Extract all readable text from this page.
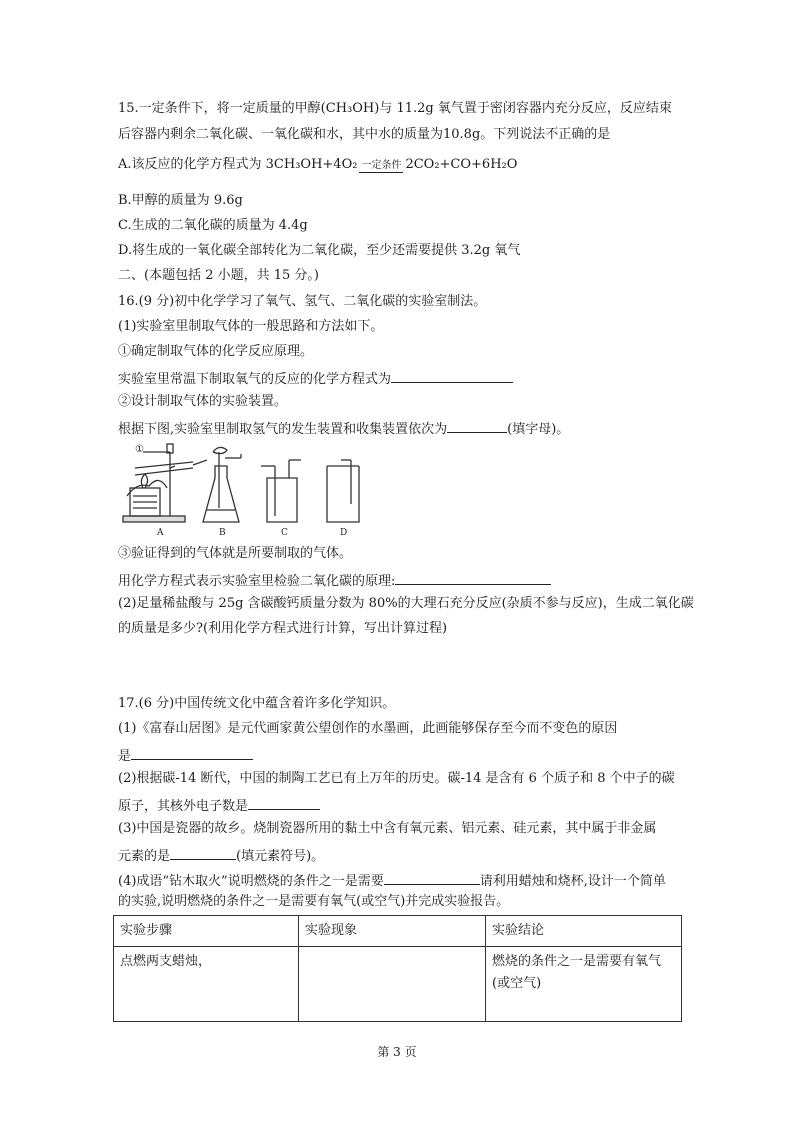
15.一定条件下，将一定质量的甲醇(CH₃OH)与 11.2g 氧气置于密闭容器内充分反应，反应结束
后容器内剩余二氧化碳、一氧化碳和水，其中水的质量为10.8g。下列说法不正确的是
A.该反应的化学方程式为 3CH₃OH+4O₂ 一定条件 2CO₂+CO+6H₂O
B.甲醇的质量为 9.6g
C.生成的二氧化碳的质量为 4.4g
D.将生成的一氧化碳全部转化为二氧化碳，至少还需要提供 3.2g 氧气
二、(本题包括 2 小题，共 15 分。)
16.(9 分)初中化学学习了氧气、氢气、二氧化碳的实验室制法。
(1)实验室里制取气体的一般思路和方法如下。
①确定制取气体的化学反应原理。
实验室里常温下制取氧气的反应的化学方程式为
②设计制取气体的实验装置。
根据下图,实验室里制取氢气的发生装置和收集装置依次为	(填字母)。
①
A	B	C	D
③验证得到的气体就是所要制取的气体。
用化学方程式表示实验室里检验二氧化碳的原理:
(2)足量稀盐酸与 25g 含碳酸钙质量分数为 80%的大理石充分反应(杂质不参与反应)，生成二氧化碳
的质量是多少?(利用化学方程式进行计算，写出计算过程)
17.(6 分)中国传统文化中蕴含着许多化学知识。
(1)《富春山居图》是元代画家黄公望创作的水墨画，此画能够保存至今而不变色的原因
是
(2)根据碳-14 断代，中国的制陶工艺已有上万年的历史。碳-14 是含有 6 个质子和 8 个中子的碳
原子，其核外电子数是
(3)中国是瓷器的故乡。烧制瓷器所用的黏土中含有氧元素、铝元素、硅元素，其中属于非金属
元素的是	(填元素符号)。
(4)成语“钻木取火”说明燃烧的条件之一是需要	请利用蜡烛和烧杯,设计一个简单
的实验,说明燃烧的条件之一是需要有氧气(或空气)并完成实验报告。
实验步骤	实验现象	实验结论
点燃两支蜡烛，		燃烧的条件之一是需要有氧气(或空气)
第 3 页
